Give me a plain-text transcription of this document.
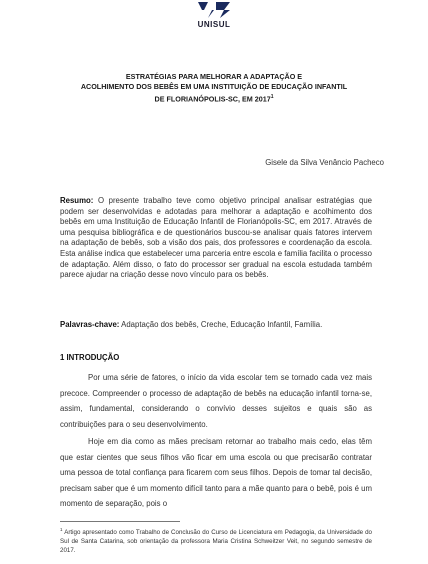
UNISUL
ESTRATÉGIAS PARA MELHORAR A ADAPTAÇÃO E
ACOLHIMENTO DOS BEBÊS EM UMA INSTITUIÇÃO DE EDUCAÇÃO INFANTIL
DE FLORIANÓPOLIS-SC, EM 2017$^1$
Gisele da Silva Venâncio Pacheco
Resumo: O presente trabalho teve como objetivo principal analisar estratégias que podem ser desenvolvidas e adotadas para melhorar a adaptação e acolhimento dos bebês em uma Instituição de Educação Infantil de Florianópolis-SC, em 2017. Através de uma pesquisa bibliográfica e de questionários buscou-se analisar quais fatores intervem na adaptação de bebês, sob a visão dos pais, dos professores e coordenação da escola. Esta análise indica que estabelecer uma parceria entre escola e família facilita o processo de adaptação. Além disso, o fato do processor ser gradual na escola estudada também parece ajudar na criação desse novo vínculo para os bebês.
Palavras-chave: Adaptação dos bebês, Creche, Educação Infantil, Família.
1 INTRODUÇÃO
Por uma série de fatores, o início da vida escolar tem se tornado cada vez mais precoce. Compreender o processo de adaptação de bebês na educação infantil torna-se, assim, fundamental, considerando o convívio desses sujeitos e quais são as contribuições para o seu desenvolvimento.
Hoje em dia como as mães precisam retornar ao trabalho mais cedo, elas têm que estar cientes que seus filhos vão ficar em uma escola ou que precisarão contratar uma pessoa de total confiança para ficarem com seus filhos. Depois de tomar tal decisão, precisam saber que é um momento difícil tanto para a mãe quanto para o bebê, pois é um momento de separação, pois o
$^1$ Artigo apresentado como Trabalho de Conclusão do Curso de Licenciatura em Pedagogia, da Universidade do Sul de Santa Catarina, sob orientação da professora Maria Cristina Schweitzer Veit, no segundo semestre de 2017.
